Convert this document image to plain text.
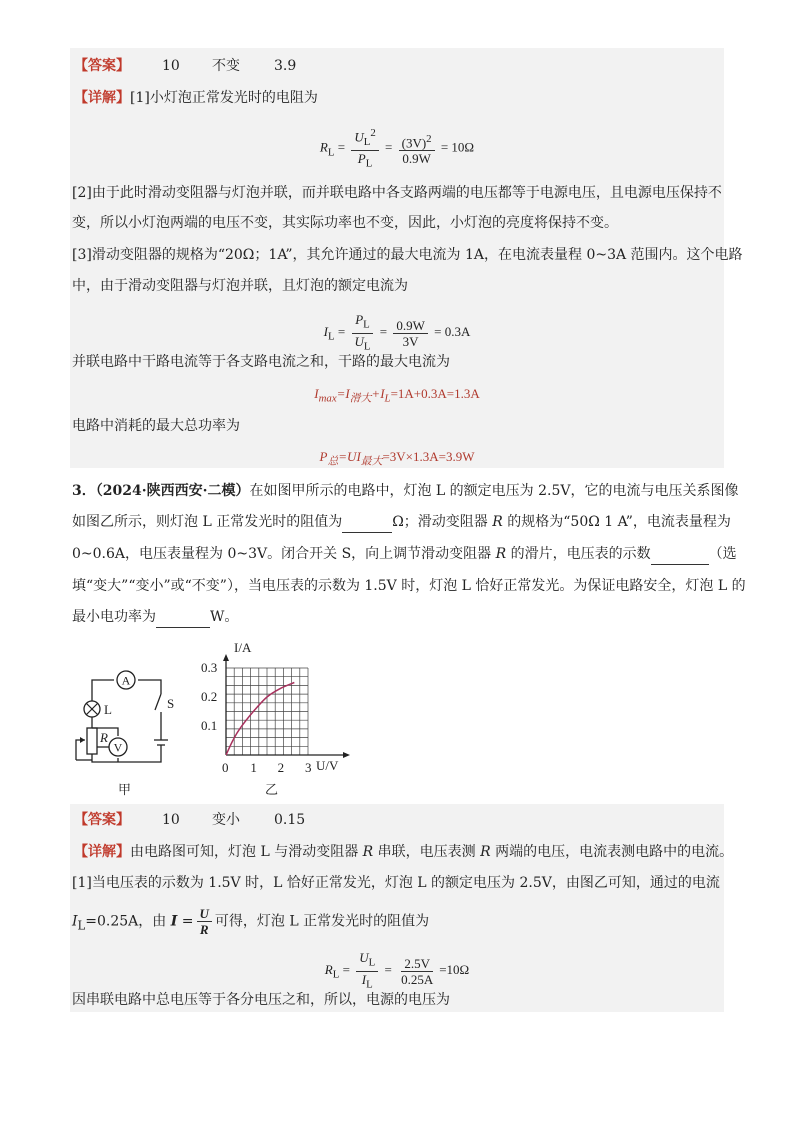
【答案】 10 不变 3.9
【详解】[1]小灯泡正常发光时的电阻为
$R_L = \frac{U_L^2}{P_L} = \frac{(3V)^2}{0.9W} = 10\Omega$
[2]由于此时滑动变阻器与灯泡并联，而并联电路中各支路两端的电压都等于电源电压，且电源电压保持不
变，所以小灯泡两端的电压不变，其实际功率也不变，因此，小灯泡的亮度将保持不变。
[3]滑动变阻器的规格为“20Ω；1A”，其允许通过的最大电流为 1A，在电流表量程 0~3A 范围内。这个电路
中，由于滑动变阻器与灯泡并联，且灯泡的额定电流为
$I_L = \frac{P_L}{U_L} = \frac{0.9W}{3V} = 0.3A$
并联电路中干路电流等于各支路电流之和，干路的最大电流为
$I_{max}=I_{滑大}+I_L=1A+0.3A=1.3A$
电路中消耗的最大总功率为
$P_总=UI_{最大}=3V\times 1.3A=3.9W$
3．（2024·陕西西安·二模）在如图甲所示的电路中，灯泡 L 的额定电压为 2.5V，它的电流与电压关系图像
如图乙所示，则灯泡 L 正常发光时的阻值为	Ω；滑动变阻器 R 的规格为“50Ω 1 A”，电流表量程为
0~0.6A，电压表量程为 0~3V。闭合开关 S，向上调节滑动变阻器 R 的滑片，电压表的示数	（选
填“变大”“变小”或“不变”），当电压表的示数为 1.5V 时，灯泡 L 恰好正常发光。为保证电路安全，灯泡 L 的
最小电功率为	W。
A
V
L
R
S
甲
I/A
U/V
乙
0 1 2 3
0.1
0.2
0.3
【答案】 10 变小 0.15
【详解】由电路图可知，灯泡 L 与滑动变阻器 R 串联，电压表测 R 两端的电压，电流表测电路中的电流。
[1]当电压表的示数为 1.5V 时，L 恰好正常发光，灯泡 L 的额定电压为 2.5V，由图乙可知，通过的电流
$I_L=0.25A$，由 $I = \frac{U}{R}$ 可得，灯泡 L 正常发光时的阻值为
$R_L = \frac{U_L}{I_L} = \frac{2.5V}{0.25A} =10\Omega$
因串联电路中总电压等于各分电压之和，所以，电源的电压为
